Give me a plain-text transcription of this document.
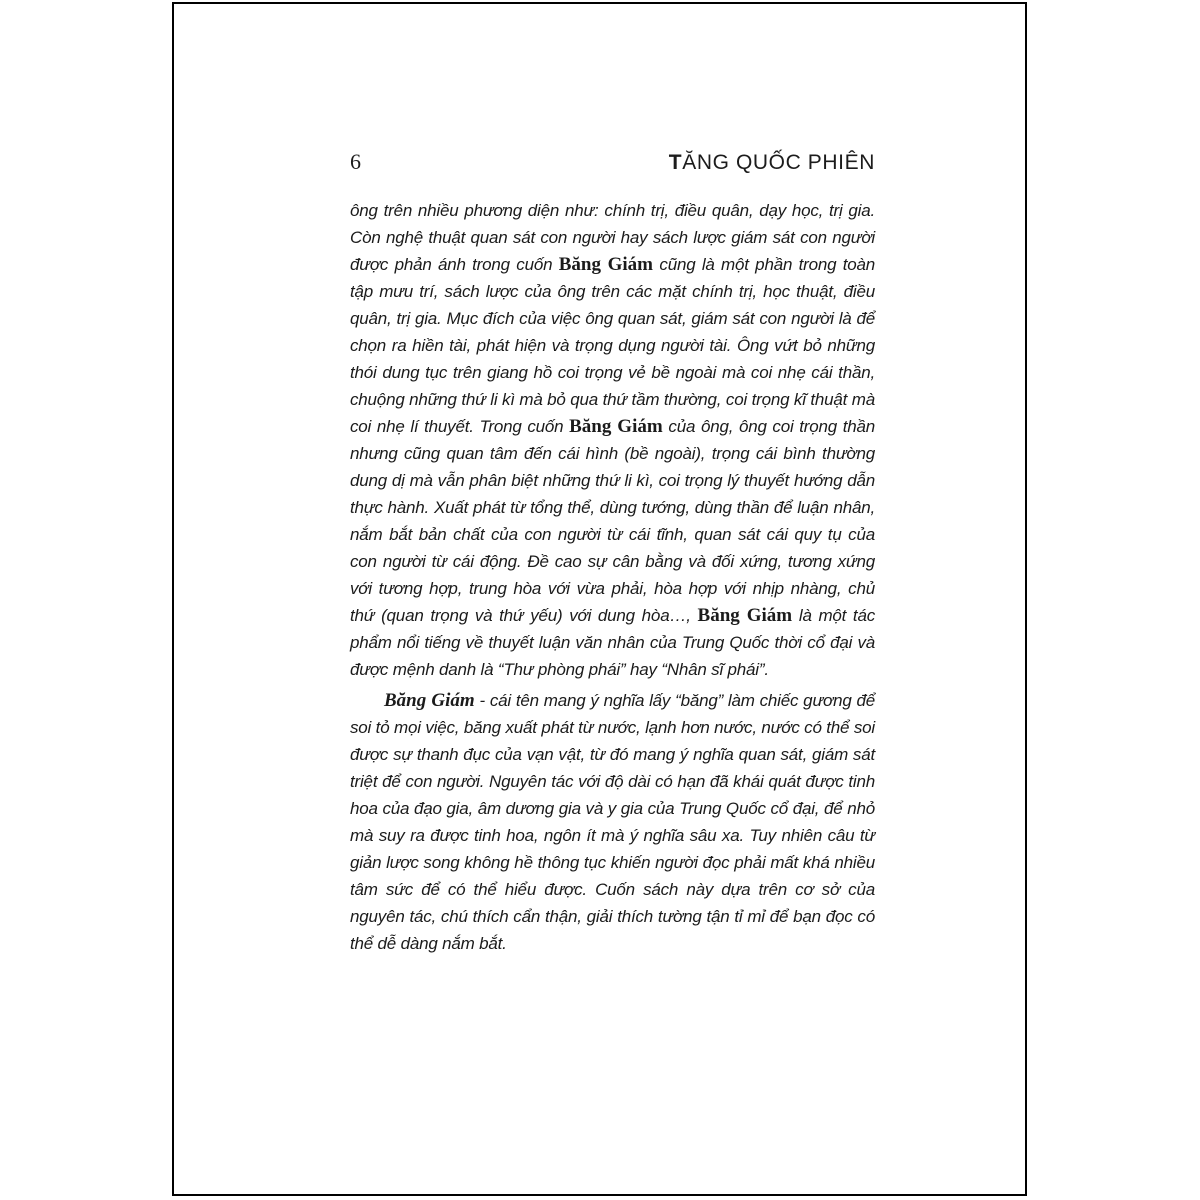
6	TĂNG QUỐC PHIÊN

ông trên nhiều phương diện như: chính trị, điều quân, dạy học, trị gia. Còn nghệ thuật quan sát con người hay sách lược giám sát con người được phản ánh trong cuốn Băng Giám cũng là một phần trong toàn tập mưu trí, sách lược của ông trên các mặt chính trị, học thuật, điều quân, trị gia. Mục đích của việc ông quan sát, giám sát con người là để chọn ra hiền tài, phát hiện và trọng dụng người tài. Ông vứt bỏ những thói dung tục trên giang hồ coi trọng vẻ bề ngoài mà coi nhẹ cái thần, chuộng những thứ li kì mà bỏ qua thứ tầm thường, coi trọng kĩ thuật mà coi nhẹ lí thuyết. Trong cuốn Băng Giám của ông, ông coi trọng thần nhưng cũng quan tâm đến cái hình (bề ngoài), trọng cái bình thường dung dị mà vẫn phân biệt những thứ li kì, coi trọng lý thuyết hướng dẫn thực hành. Xuất phát từ tổng thể, dùng tướng, dùng thần để luận nhân, nắm bắt bản chất của con người từ cái tĩnh, quan sát cái quy tụ của con người từ cái động. Đề cao sự cân bằng và đối xứng, tương xứng với tương hợp, trung hòa với vừa phải, hòa hợp với nhịp nhàng, chủ thứ (quan trọng và thứ yếu) với dung hòa…, Băng Giám là một tác phẩm nổi tiếng về thuyết luận văn nhân của Trung Quốc thời cổ đại và được mệnh danh là “Thư phòng phái” hay “Nhân sĩ phái”.

Băng Giám - cái tên mang ý nghĩa lấy “băng” làm chiếc gương để soi tỏ mọi việc, băng xuất phát từ nước, lạnh hơn nước, nước có thể soi được sự thanh đục của vạn vật, từ đó mang ý nghĩa quan sát, giám sát triệt để con người. Nguyên tác với độ dài có hạn đã khái quát được tinh hoa của đạo gia, âm dương gia và y gia của Trung Quốc cổ đại, để nhỏ mà suy ra được tinh hoa, ngôn ít mà ý nghĩa sâu xa. Tuy nhiên câu từ giản lược song không hề thông tục khiến người đọc phải mất khá nhiều tâm sức để có thể hiểu được. Cuốn sách này dựa trên cơ sở của nguyên tác, chú thích cẩn thận, giải thích tường tận tỉ mỉ để bạn đọc có thể dễ dàng nắm bắt.
